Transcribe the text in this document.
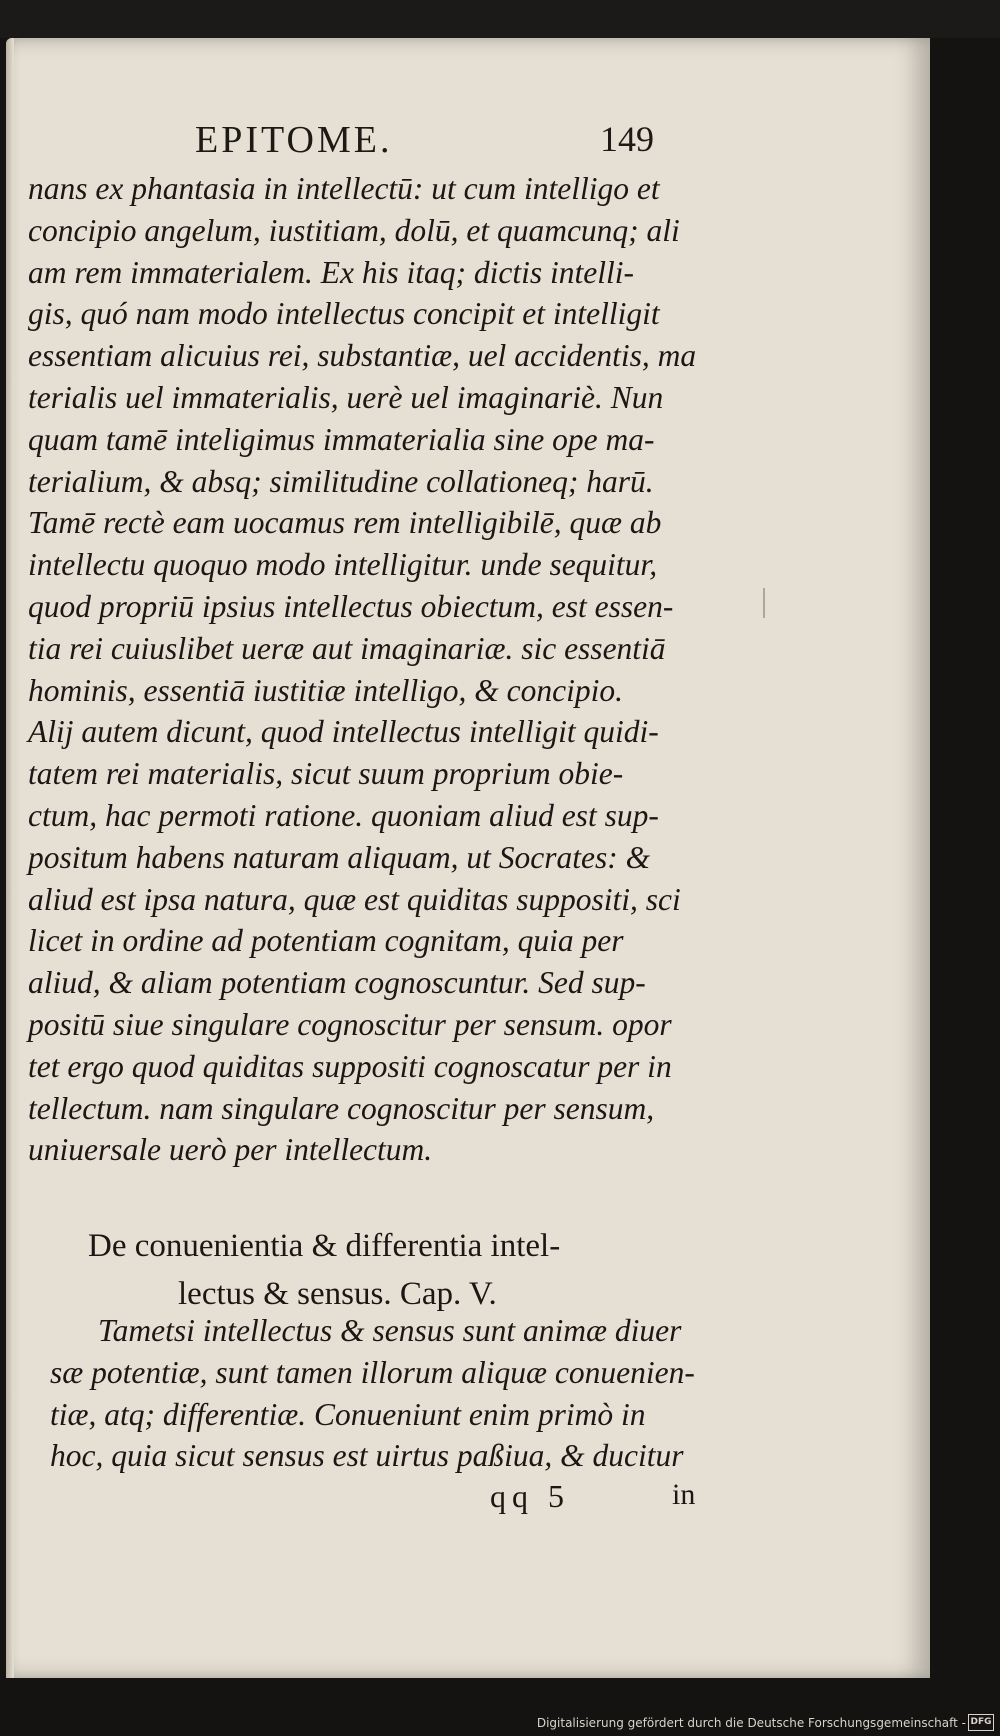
EPITOME.	149
nans ex phantasia in intellectū: ut cum intelligo et
concipio angelum, iustitiam, dolū, et quamcunq; ali
am rem immaterialem. Ex his itaq; dictis intelli-
gis, quó nam modo intellectus concipit et intelligit
essentiam alicuius rei, substantiæ, uel accidentis, ma
terialis uel immaterialis, uerè uel imaginariè. Nun
quam tamē inteligimus immaterialia sine ope ma-
terialium, & absq; similitudine collationeq; harū.
Tamē rectè eam uocamus rem intelligibilē, quæ ab
intellectu quoquo modo intelligitur. unde sequitur,
quod propriū ipsius intellectus obiectum, est essen-
tia rei cuiuslibet ueræ aut imaginariæ. sic essentiā
hominis, essentiā iustitiæ intelligo, & concipio.
Alij autem dicunt, quod intellectus intelligit quidi-
tatem rei materialis, sicut suum proprium obie-
ctum, hac permoti ratione. quoniam aliud est sup-
positum habens naturam aliquam, ut Socrates: &
aliud est ipsa natura, quæ est quiditas suppositi, sci
licet in ordine ad potentiam cognitam, quia per
aliud, & aliam potentiam cognoscuntur. Sed sup-
positū siue singulare cognoscitur per sensum. opor
tet ergo quod quiditas suppositi cognoscatur per in
tellectum. nam singulare cognoscitur per sensum,
uniuersale uerò per intellectum.
De conuenientia & differentia intel-
lectus & sensus. Cap. V.
Tametsi intellectus & sensus sunt animæ diuer
sæ potentiæ, sunt tamen illorum aliquæ conuenien-
tiæ, atq; differentiæ. Conueniunt enim primò in
hoc, quia sicut sensus est uirtus paßiua, & ducitur
qq 5	in
Digitalisierung gefördert durch die Deutsche Forschungsgemeinschaft - DFG
